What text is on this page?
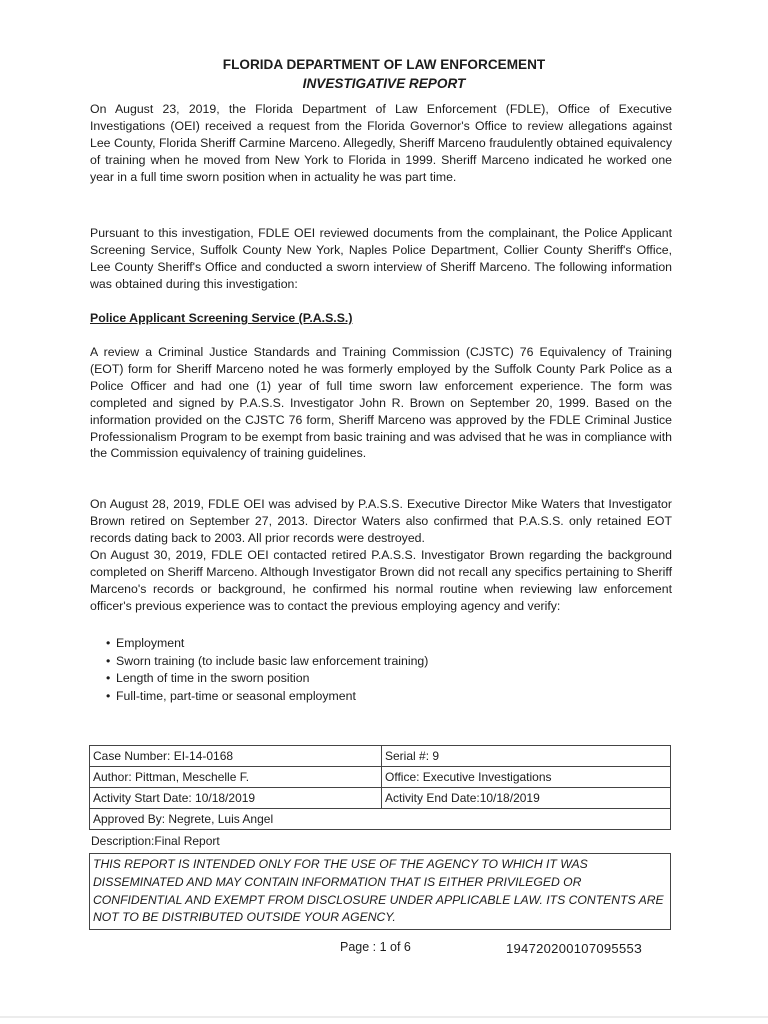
FLORIDA DEPARTMENT OF LAW ENFORCEMENT
INVESTIGATIVE REPORT

On August 23, 2019, the Florida Department of Law Enforcement (FDLE), Office of Executive Investigations (OEI) received a request from the Florida Governor's Office to review allegations against Lee County, Florida Sheriff Carmine Marceno. Allegedly, Sheriff Marceno fraudulently obtained equivalency of training when he moved from New York to Florida in 1999. Sheriff Marceno indicated he worked one year in a full time sworn position when in actuality he was part time.

Pursuant to this investigation, FDLE OEI reviewed documents from the complainant, the Police Applicant Screening Service, Suffolk County New York, Naples Police Department, Collier County Sheriff's Office, Lee County Sheriff's Office and conducted a sworn interview of Sheriff Marceno. The following information was obtained during this investigation:

Police Applicant Screening Service (P.A.S.S.)

A review a Criminal Justice Standards and Training Commission (CJSTC) 76 Equivalency of Training (EOT) form for Sheriff Marceno noted he was formerly employed by the Suffolk County Park Police as a Police Officer and had one (1) year of full time sworn law enforcement experience. The form was completed and signed by P.A.S.S. Investigator John R. Brown on September 20, 1999. Based on the information provided on the CJSTC 76 form, Sheriff Marceno was approved by the FDLE Criminal Justice Professionalism Program to be exempt from basic training and was advised that he was in compliance with the Commission equivalency of training guidelines.

On August 28, 2019, FDLE OEI was advised by P.A.S.S. Executive Director Mike Waters that Investigator Brown retired on September 27, 2013. Director Waters also confirmed that P.A.S.S. only retained EOT records dating back to 2003. All prior records were destroyed.

On August 30, 2019, FDLE OEI contacted retired P.A.S.S. Investigator Brown regarding the background completed on Sheriff Marceno. Although Investigator Brown did not recall any specifics pertaining to Sheriff Marceno's records or background, he confirmed his normal routine when reviewing law enforcement officer's previous experience was to contact the previous employing agency and verify:

• Employment
• Sworn training (to include basic law enforcement training)
• Length of time in the sworn position
• Full-time, part-time or seasonal employment
Case Number: EI-14-0168	Serial #: 9
Author: Pittman, Meschelle F.	Office: Executive Investigations
Activity Start Date: 10/18/2019	Activity End Date:10/18/2019
Approved By: Negrete, Luis Angel	
Description:Final Report
THIS REPORT IS INTENDED ONLY FOR THE USE OF THE AGENCY TO WHICH IT WAS DISSEMINATED AND MAY CONTAIN INFORMATION THAT IS EITHER PRIVILEGED OR CONFIDENTIAL AND EXEMPT FROM DISCLOSURE UNDER APPLICABLE LAW. ITS CONTENTS ARE NOT TO BE DISTRIBUTED OUTSIDE YOUR AGENCY.
Page : 1 of 6	19472020010709555З
